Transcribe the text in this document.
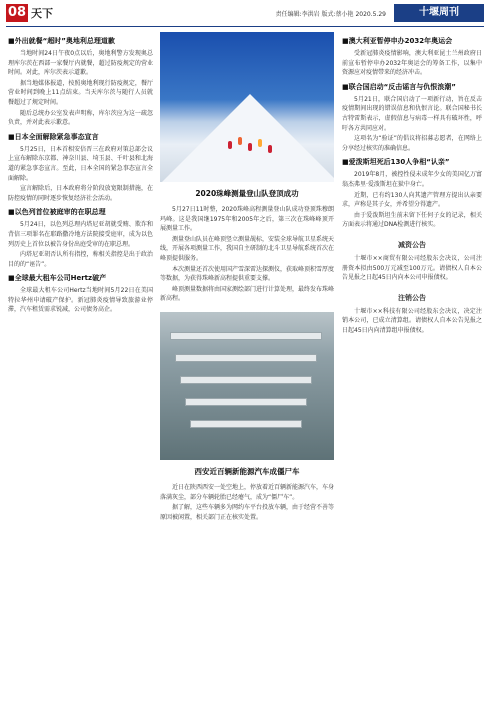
08 天下	责任编辑:李洪岩 版式:蔡小艳 2020.5.29	十堰周刊
■外出就餐“超时”奥地利总理道歉

当地时间24日午夜0点以后，奥地利警方发现奥总理库尔茨在西部一家餐厅内就餐，超过防疫规定的营业时间。对此，库尔茨表示道歉。

据当地媒体报道，按照奥地利现行防疫规定，餐厅营业时间到晚上11点结束。当天库尔茨与随行人员就餐超过了规定时间。

随后总统办公室发表声明称，库尔茨应为这一疏忽负责，并对此表示歉意。

■日本全面解除紧急事态宣言

5月25日，日本首相安倍晋三在政府对策总部会议上宣布解除东京都、神奈川县、埼玉县、千叶县和北海道的紧急事态宣言。至此，日本全国的紧急事态宣言全面解除。

宣言解除后，日本政府将分阶段放宽限制措施，在防控疫情的同时逐步恢复经济社会活动。

■以色列首位被庭审的在职总理

5月24日，以色列总理内塔尼亚胡就受贿、欺诈和背信三项罪名在耶路撒冷地方法院接受庭审，成为以色列历史上首位以被告身份出庭受审的在职总理。

内塔尼亚胡否认所有指控，称相关指控是出于政治目的的“诬告”。

■全球最大租车公司Hertz破产

全球最大租车公司Hertz当地时间5月22日在美国特拉华州申请破产保护。新冠肺炎疫情导致旅游业停滞，汽车租赁需求锐减，公司债务高企。

2020珠峰测量登山队登顶成功

5月27日11时整，2020珠峰高程测量登山队成功登顶珠穆朗玛峰。这是我国继1975年和2005年之后，第三次在珠峰峰顶开展测量工作。

测量登山队员在峰顶竖立测量觇标，安装全球导航卫星系统天线，开展各项测量工作，我国自主研制的北斗卫星导航系统首次在峰顶提供服务。

本次测量还首次使用国产雪深雷达探测仪，获取峰顶积雪厚度等数据，为获得珠峰新高程提供重要支撑。

峰顶测量数据将由国家测绘部门进行计算处理，最终发布珠峰新高程。

西安近百辆新能源汽车成僵尸车

近日在陕西西安一处空地上，停放着近百辆新能源汽车，车身落满灰尘，部分车辆轮胎已经瘪气，成为“僵尸车”。

据了解，这些车辆多为网约车平台投放车辆，由于经营不善等原因被闲置，相关部门正在核实处置。

■澳大利亚暂停申办2032年奥运会

受新冠肺炎疫情影响，澳大利亚昆士兰州政府日前宣布暂停申办2032年奥运会的筹备工作，以集中资源应对疫情带来的经济冲击。

■联合国启动“反击谣言与仇恨浪潮”

5月21日，联合国启动了一项新行动，旨在反击疫情期间出现的错误信息和仇恨言论。联合国秘书长古特雷斯表示，虚假信息与病毒一样具有破坏性，呼吁各方共同应对。

这项名为“验证”的倡议将招募志愿者，在网络上分享经过核实的准确信息。

■爱泼斯坦死后130人争相“认亲”

2019年8月，被控性侵未成年少女的美国亿万富翁杰弗里·爱泼斯坦在狱中身亡。

近期，已有约130人向其遗产管理方提出认亲要求，声称是其子女，并希望分得遗产。

由于爱泼斯坦生前未留下任何子女的记录，相关方面表示将通过DNA检测进行核实。

减资公告

十堰市××商贸有限公司经股东会决议，公司注册资本拟由500万元减至100万元。请债权人自本公告见报之日起45日内向本公司申报债权。

注销公告

十堰市××科技有限公司经股东会决议，决定注销本公司，已成立清算组。请债权人自本公告见报之日起45日内向清算组申报债权。
